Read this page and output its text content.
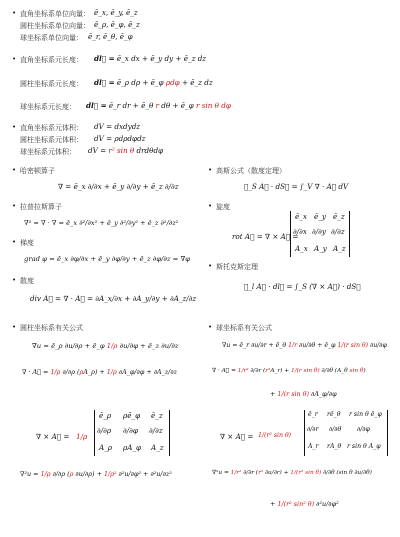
• 直角坐标系单位向量： ē_x, ē_y, ē_z
圆柱坐标系单位向量： ē_ρ, ē_φ, ē_z
球坐标系单位向量： ē_r, ē_θ, ē_φ
• 直角坐标系元长度： dl⃗ = ē_x dx + ē_y dy + ē_z dz
圆柱坐标系元长度： dl⃗ = ē_ρ dρ + ē_φ ρdφ + ē_z dz
球坐标系元长度： dl⃗ = ē_r dr + ē_θ r dθ + ē_φ r sin θ dφ
• 直角坐标系元体积： dV = dxdydz
圆柱坐标系元体积： dV = ρdρdφdz
球坐标系元体积： dV = r² sin θ drdθdφ
• 哈密顿算子
∇ = ē_x ∂/∂x + ē_y ∂/∂y + ē_z ∂/∂z
• 拉普拉斯算子
∇² = ∇ · ∇ = ē_x ∂²/∂x² + ē_y ∂²/∂y² + ē_z ∂²/∂z²
• 梯度
grad φ = ē_x ∂φ/∂x + ē_y ∂φ/∂y + ē_z ∂φ/∂z = ∇φ
• 散度
div A⃗ = ∇ · A⃗ = ∂A_x/∂x + ∂A_y/∂y + ∂A_z/∂z
• 高斯公式（散度定理）
∮_S A⃗ · dS⃗ = ∫_V ∇ · A⃗ dV
• 旋度
rot A⃗ = ∇ × A⃗ =
ē_x ē_y ē_z
∂/∂x ∂/∂y ∂/∂z
A_x A_y A_z
• 斯托克斯定理
∮_l A⃗ · dl⃗ = ∫_S (∇ × A⃗) · dS⃗
• 圆柱坐标系有关公式
∇u = ē_ρ ∂u/∂ρ + ē_φ 1/ρ ∂u/∂φ + ē_z ∂u/∂z
∇ · A⃗ = 1/ρ ∂/∂ρ (ρA_ρ) + 1/ρ ∂A_φ/∂φ + ∂A_z/∂z
∇ × A⃗ = 1/ρ
ē_ρ ρē_φ ē_z
∂/∂ρ ∂/∂φ ∂/∂z
A_ρ ρA_φ A_z
∇²u = 1/ρ ∂/∂ρ (ρ ∂u/∂ρ) + 1/ρ² ∂²u/∂φ² + ∂²u/∂z²
• 球坐标系有关公式
∇u = ē_r ∂u/∂r + ē_θ 1/r ∂u/∂θ + ē_φ 1/(r sin θ) ∂u/∂φ
∇ · A⃗ = 1/r² ∂/∂r (r²A_r) + 1/(r sin θ) ∂/∂θ (A_θ sin θ)
+ 1/(r sin θ) ∂A_φ/∂φ
∇ × A⃗ = 1/(r² sin θ)
ē_r rē_θ r sin θ ē_φ
∂/∂r ∂/∂θ	∂/∂φ
A_r rA_θ r sin θ A_φ
∇²u = 1/r² ∂/∂r (r² ∂u/∂r) + 1/(r² sin θ) ∂/∂θ (sin θ ∂u/∂θ)
+ 1/(r² sin² θ) ∂²u/∂φ²
